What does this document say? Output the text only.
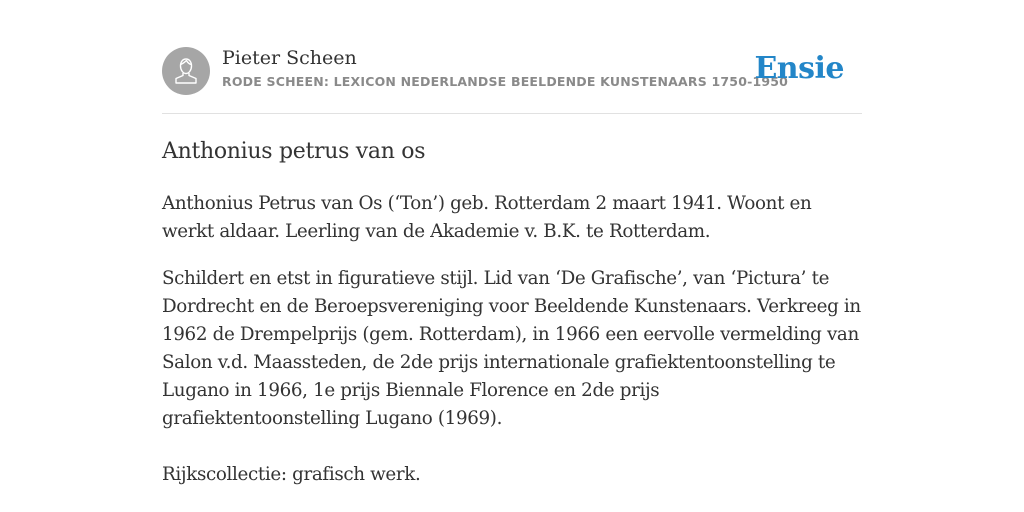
Pieter Scheen
RODE SCHEEN: LEXICON NEDERLANDSE BEELDENDE KUNSTENAARS 1750-1950
Ensie
Anthonius petrus van os

Anthonius Petrus van Os (‘Ton’) geb. Rotterdam 2 maart 1941. Woont en werkt aldaar. Leerling van de Akademie v. B.K. te Rotterdam.

Schildert en etst in figuratieve stijl. Lid van ‘De Grafische’, van ‘Pictura’ te Dordrecht en de Beroepsvereniging voor Beeldende Kunstenaars. Verkreeg in 1962 de Drempelprijs (gem. Rotterdam), in 1966 een eervolle vermelding van Salon v.d. Maassteden, de 2de prijs internationale grafiektentoonstelling te Lugano in 1966, 1e prijs Biennale Florence en 2de prijs grafiektentoonstelling Lugano (1969).

Rijkscollectie: grafisch werk.
